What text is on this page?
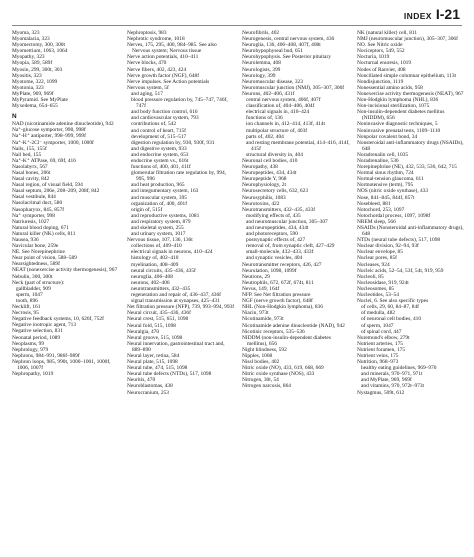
INDEX I-21
Myoma, 323
Myomalacia, 323
Myomectomy, 300, 300t
Myometrium, 1063, 1064
Myopathy, 323
Myopia, 589, 589f
Myosin, 299, 300t, 303
Myositis, 323
Myotome, 322, 1099
Myotonia, 323
MyPlate, 969, 969f
MyPyramid. See MyPlate
Myxedema, 654–655
N
NAD (nicotinamide adenine dinucleotide), 942
Na⁺-glucose symporter, 998, 998f
Na⁺-H⁺ antiporter, 998–999, 999f
Na⁺-K⁺-2Cl⁻ symporter, 1000, 1000f
Nails, 155, 155f
Nail bed, 155
Na⁺-K⁺ ATPase, 69, 69f, 416
Nasolabyrx, 567
Nasal bones, 206t
Nasal cavity, 842
Nasal region, of visual field, 594
Nasal septum, 206e, 208–209, 208f, 842
Nasal vestibule, 844
Nasolacrimal duct, 580
Nasopharynx, 845, 857f
Na⁺ symporter, 998
Natriuresis, 1027
Natural blood doping, 671
Natural killer (NK) cells, 811
Nausea, 936
Navicular bone, 259e
NE. See Norepinephrine
Near point of vision, 588–589
Nearsightedness, 589f
NEAT (nonexercise activity thermogenesis), 967
Nebulin, 300, 300t
Neck (part of structure):
gallbladder, 909
sperm, 1047
tooth, 896
Necklift, 161
Necrosis, 95
Negative feedback systems, 10, 626f, 752f
Negative inotropic agent, 713
Negative selection, 831
Neonatal period, 1089
Neoplasms, 99
Nephrology, 979
Nephrons, 984–991, 986f–989f
Nephron loops, 985, 990t, 1000–1001, 1000f, 1006, 1007f
Nephropathy, 1019
Nephroptosis, 983
Nephrotic syndrome, 1018
Nerves, 175, 295, 400, 984–985. See also Nervous system; Nervous tissue
Nerve action potentials, 410–411
Nerve blocks, 470
Nerve fibers, 402, 423, 424
Nerve growth factor (NGF), 648f
Nerve impulses. See Action potentials
Nervous system, 5f
and aging, 517
blood pressure regulation by, 745–747, 746f, 747f
and body function control, 616
and cardiovascular system, 793
contributions of, 542
and control of heart, 715f
development of, 515–517
digestion regulation by, 930, 930f, 931
and digestive system, 933
and endocrine system, 653
endocrine system vs., 616t
functions of, 400, 401, 411f
glomerular filtration rate regulation by, 994, 995, 996
and heat production, 965
and integumentary system, 163
and muscular system, 395
organization of, 400, 401f
origin of, 515f
and reproductive systems, 1081
and respiratory system, 879
and skeletal system, 255
and urinary system, 1017
Nervous tissue, 107, 136, 136t
collections of, 409–410
electrical signals in neurons, 410–424
histology of, 402–410
myelination, 408–409
neural circuits, 435–436, 435f
neuroglia, 406–408
neurons, 402–406
neurotransmitters, 432–435
regeneration and repair of, 436–437, 436f
signal transmission at synapses, 425–431
Net filtration pressure (NFP), 739, 993–994, 993f
Neural circuit, 435–436, 436f
Neural crest, 515, 651, 1098
Neural fold, 515, 1098
Neuralgia, 470
Neural groove, 515, 1098
Neural innervation, gastrointestinal tract and, 889–890
Neural layer, retina, 584
Neural plate, 515, 1098
Neural tube, 474, 515, 1098
Neural tube defects (NTDs), 517, 1098
Neuritis, 470
Neuroblastomas, 438
Neurocranium, 253
Neurofibrils, 402
Neurogenesis, central nervous system, 436
Neuroglia, 136, 406–408, 407f, 408t
Neurohypophyseal bud, 651
Neurohypophysis. See Posterior pituitary
Neurolemma, 408
Neurologists, 399
Neurology, 399
Neuromuscular disease, 323
Neuromuscular junction (NMJ), 305–307, 306f
Neurons, 402–406, 431f
central nervous system, 406f, 407f
classification of, 404–406, 404f
electrical signals in, 410–424
functions of, 136
ion channels in, 412–414, 413f, 414t
multipolar structure of, 403f
parts of, 402, 404
and resting membrane potential, 414–416, 414f, 415f
structural diversity in, 404
Neuronal cell bodies, 410
Neuropathy, 438
Neuropeptides, 434, 434t
Neuropeptide Y, 968
Neurophysiology, 2t
Neurosecretory cells, 632, 623
Neurosyphilis, 1083
Neurotoxins, 422
Neurotransmitters, 432–435, 433f
modifying effects of, 435
and neuromuscular junction, 305–307
and neuropeptides, 434, 434t
and photoreceptors, 590
postsynaptic effects of, 427
removal of, from synaptic cleft, 427–429
small-molecule, 432–433, 433f
and synaptic vesicles, 404
Neurotransmitter receptors, 426, 427
Neurulation, 1098, 1099f
Neutrons, 29
Neutrophils, 672, 672f, 674t, 811
Nevus, 149, 164f
NFP. See Net filtration pressure
NGF (nerve growth factor), 648f
NHL (Non-Hodgkin lymphoma), 836
Niacin, 973t
Nicotinamide, 973t
Nicotinamide adenine dinucleotide (NAD), 942
Nicotinic receptors, 535–536
NIDDM (non-insulin-dependent diabetes mellitus), 656
Night blindness, 592
Nipples, 1068
Nissl bodies, 402
Nitric oxide (NO), 433, 619, 668, 669
Nitric oxide synthase (NOS), 433
Nitrogen, 30t, 54
Nitrogen narcosis, 864
NK (natural killer) cell, 811
NMJ (neuromuscular junction), 305–307, 306f
NO. See Nitric oxide
Nociceptors, 549, 552
Nocturia, 1019
Nocturnal enuresis, 1019
Nodes of Ranvier, 408
Nonciliated simple columnar epithelium, 113t
Nondisjunction, 1119
Nonessential amino acids, 958
Nonexercise activity thermogenesis (NEAT), 967
Non-Hodgkin lymphoma (NHL), 836
Non-incisional sterilization, 1075
Non-insulin-dependent diabetes mellitus (NIDDM), 656
Noninvasive diagnostic techniques, 5
Noninvasive prenatal tests, 1109–1110
Nonpolar covalent bond, 34
Nonsteroidal anti-inflammatory drugs (NSAIDs), 648
Noradrenalin cell, 1035
Noradrenaline, 536
Norepinephrine (NE), 432, 533, 536, 642, 715
Normal sinus rhythm, 724
Normal-tension glaucoma, 611
Normotensive (term), 795
NOS (nitric oxide synthase), 433
Nose, 841–845, 844f, 857t
Nosebleed, 881
Notochord, 253, 1097
Notochordal process, 1097, 1098f
NREM sleep, 566
NSAIDs (Nonsteroidal anti-inflammatory drugs), 648
NTDs (neural tube defects), 517, 1098
Nuclear division, 92–94, 93f
Nuclear envelope, 85
Nuclear pores, 85f
Nucleases, 924
Nucleic acids, 52–54, 53f, 54t, 919, 959
Nucleoli, 85
Nucleosidase, 919, 924t
Nucleosomes, 85
Nucleotides, 53–54
Nuclei, 6. See also specific types
of cells, 29, 60, 84–87, 84f
of medulla, 482
of neuronal cell bodies, 410
of sperm, 1047
of spinal cord, 447
Nuremund's elbow, 279t
Nutrient arteries, 175
Nutrient foramen, 175
Nutrient veins, 175
Nutrition, 968–973
healthy eating guidelines, 969–970
and minerals, 970–971, 971t
and MyPlate, 969, 969f
and vitamins, 970, 972t–973t
Nystagmus, 509t, 612
